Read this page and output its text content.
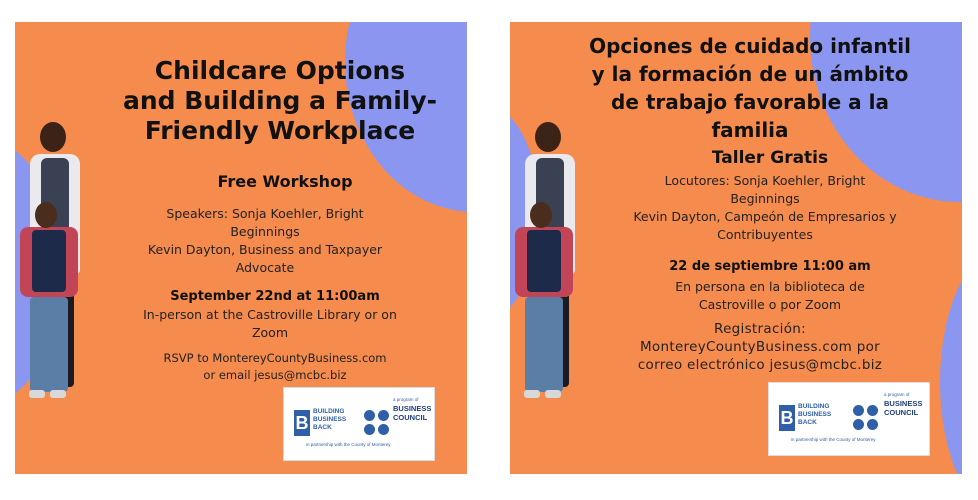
Childcare Options
and Building a Family-
Friendly Workplace
Free Workshop
Speakers: Sonja Koehler, Bright
Beginnings
Kevin Dayton, Business and Taxpayer
Advocate
September 22nd at 11:00am
In-person at the Castroville Library or on
Zoom
RSVP to MontereyCountyBusiness.com
or email jesus@mcbc.biz
B
BUILDING
BUSINESS
BACK
a program of
BUSINESS
COUNCIL
in partnership with the County of Monterey
Opciones de cuidado infantil
y la formación de un ámbito
de trabajo favorable a la
familia
Taller Gratis
Locutores: Sonja Koehler, Bright
Beginnings
Kevin Dayton, Campeón de Empresarios y
Contribuyentes
22 de septiembre 11:00 am
En persona en la biblioteca de
Castroville o por Zoom
Registración:
MontereyCountyBusiness.com por
correo electrónico jesus@mcbc.biz
B
BUILDING
BUSINESS
BACK
a program of
BUSINESS
COUNCIL
in partnership with the County of Monterey
